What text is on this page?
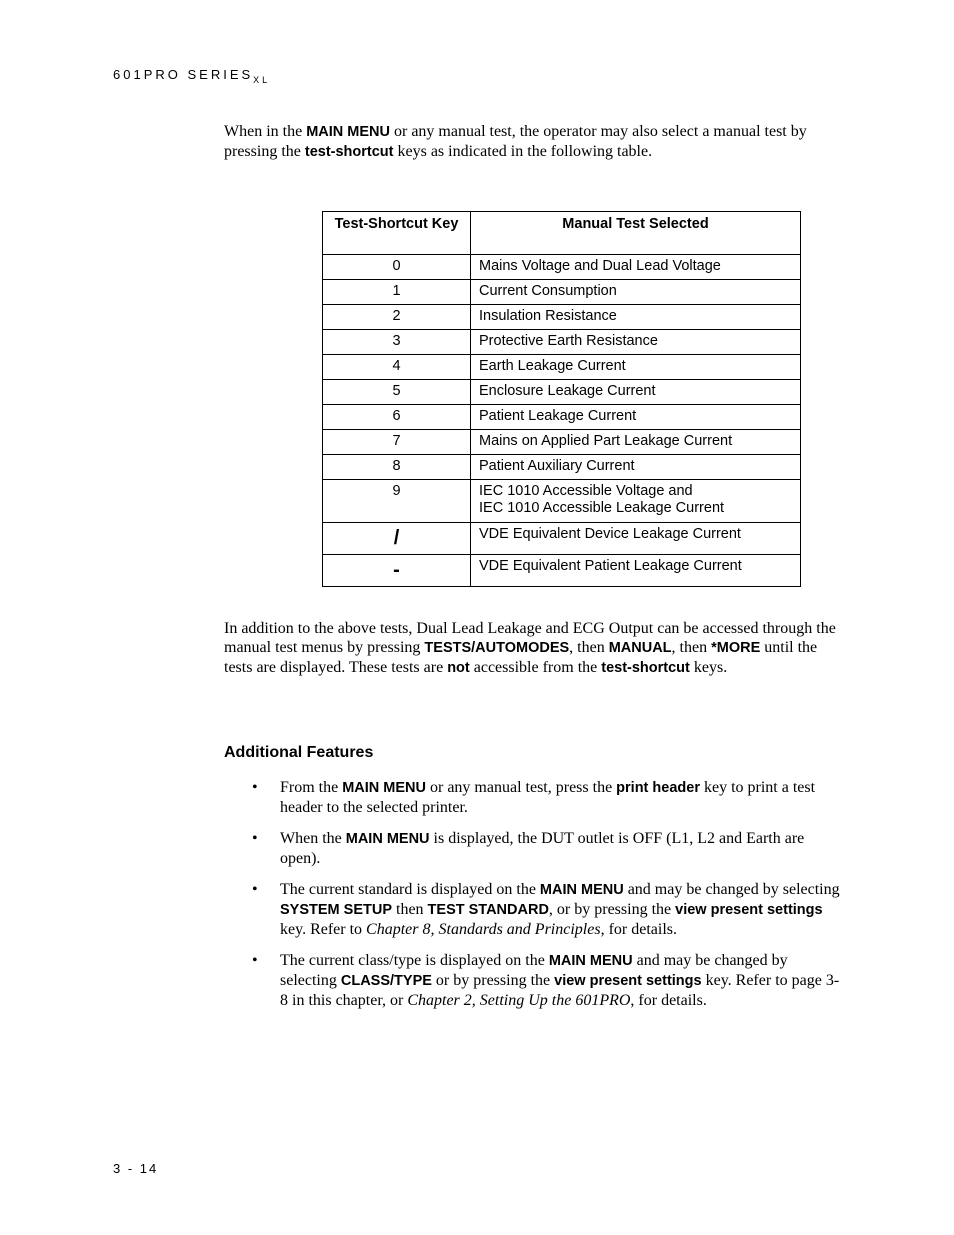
601PRO $SERIES_{XL}$

When in the MAIN MENU or any manual test, the operator may also select a manual test by pressing the test-shortcut keys as indicated in the following table.

Test-Shortcut Key	Manual Test Selected
0	Mains Voltage and Dual Lead Voltage
1	Current Consumption
2	Insulation Resistance
3	Protective Earth Resistance
4	Earth Leakage Current
5	Enclosure Leakage Current
6	Patient Leakage Current
7	Mains on Applied Part Leakage Current
8	Patient Auxiliary Current
9	IEC 1010 Accessible Voltage and
IEC 1010 Accessible Leakage Current

/	VDE Equivalent Device Leakage Current
-	VDE Equivalent Patient Leakage Current

In addition to the above tests, Dual Lead Leakage and ECG Output can be accessed through the manual test menus by pressing TESTS/AUTOMODES, then MANUAL, then *MORE until the tests are displayed. These tests are not accessible from the test-shortcut keys.

Additional Features
• From the MAIN MENU or any manual test, press the print header key to print a test header to the selected printer.
• When the MAIN MENU is displayed, the DUT outlet is OFF (L1, L2 and Earth are open).
• The current standard is displayed on the MAIN MENU and may be changed by selecting SYSTEM SETUP then TEST STANDARD, or by pressing the view present settings key. Refer to Chapter 8, Standards and Principles, for details.
• The current class/type is displayed on the MAIN MENU and may be changed by selecting CLASS/TYPE or by pressing the view present settings key. Refer to page 3-8 in this chapter, or Chapter 2, Setting Up the 601PRO, for details.
3 - 14
